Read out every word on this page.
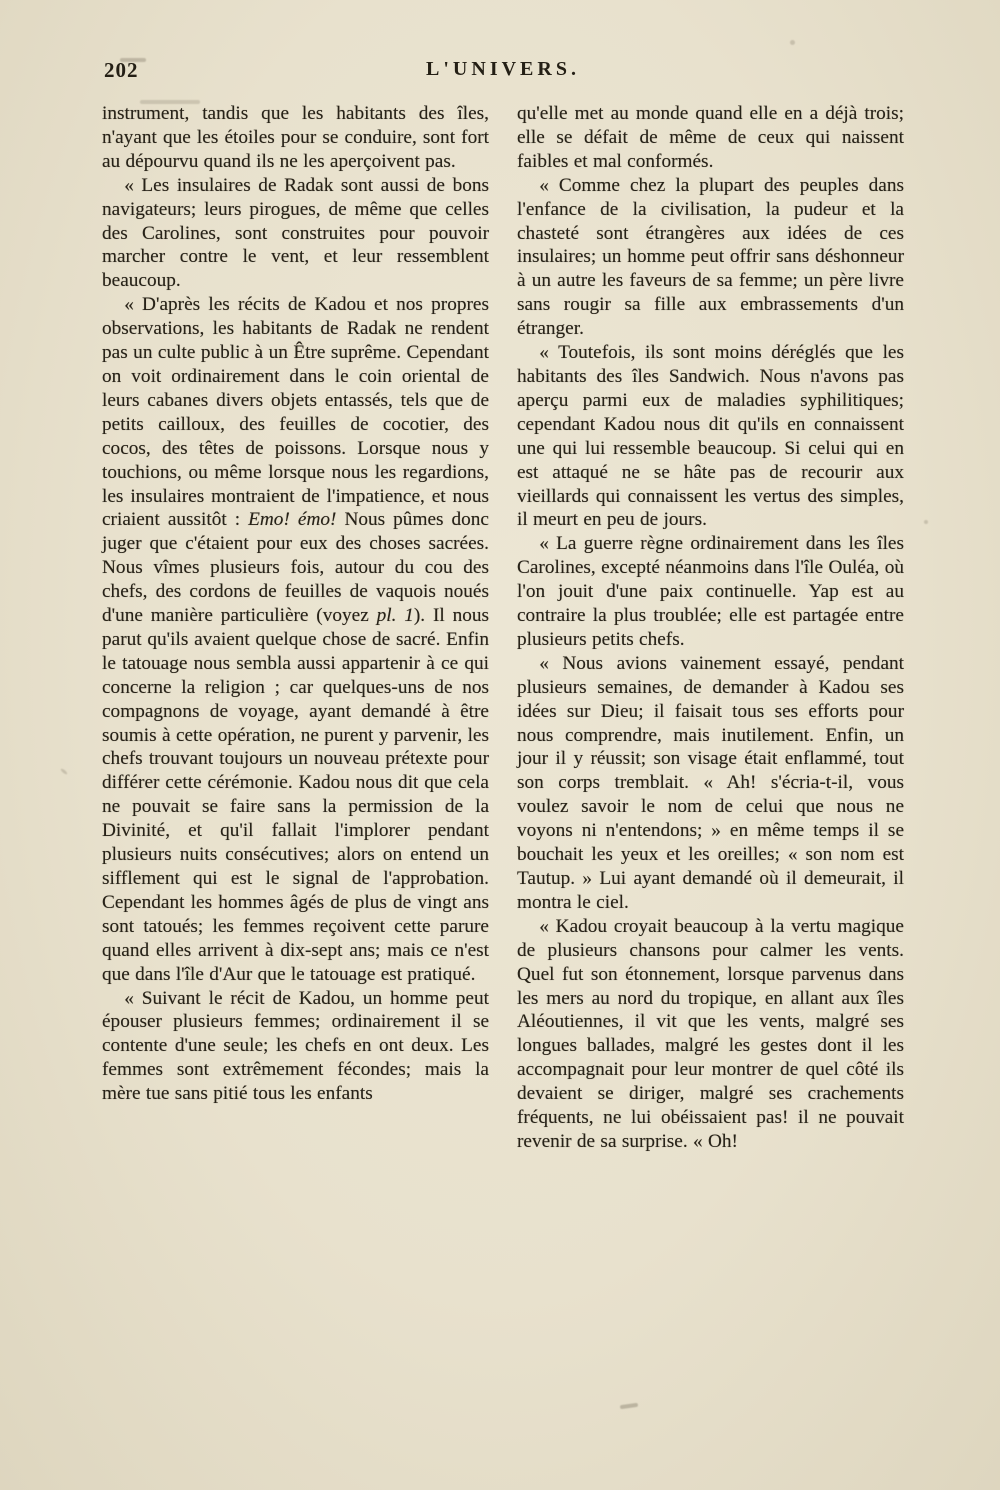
202	L'UNIVERS.

instrument, tandis que les habitants des îles, n'ayant que les étoiles pour se conduire, sont fort au dépourvu quand ils ne les aperçoivent pas.

« Les insulaires de Radak sont aussi de bons navigateurs; leurs pirogues, de même que celles des Carolines, sont construites pour pouvoir marcher contre le vent, et leur ressemblent beaucoup.

« D'après les récits de Kadou et nos propres observations, les habitants de Radak ne rendent pas un culte public à un Être suprême. Cependant on voit ordinairement dans le coin oriental de leurs cabanes divers objets entassés, tels que de petits cailloux, des feuilles de cocotier, des cocos, des têtes de poissons. Lorsque nous y touchions, ou même lorsque nous les regardions, les insulaires montraient de l'impatience, et nous criaient aussitôt : Emo! émo! Nous pûmes donc juger que c'étaient pour eux des choses sacrées. Nous vîmes plusieurs fois, autour du cou des chefs, des cordons de feuilles de vaquois noués d'une manière particulière (voyez pl. 1). Il nous parut qu'ils avaient quelque chose de sacré. Enfin le tatouage nous sembla aussi appartenir à ce qui concerne la religion ; car quelques-uns de nos compagnons de voyage, ayant demandé à être soumis à cette opération, ne purent y parvenir, les chefs trouvant toujours un nouveau prétexte pour différer cette cérémonie. Kadou nous dit que cela ne pouvait se faire sans la permission de la Divinité, et qu'il fallait l'implorer pendant plusieurs nuits consécutives; alors on entend un sifflement qui est le signal de l'approbation. Cependant les hommes âgés de plus de vingt ans sont tatoués; les femmes reçoivent cette parure quand elles arrivent à dix-sept ans; mais ce n'est que dans l'île d'Aur que le tatouage est pratiqué.

« Suivant le récit de Kadou, un homme peut épouser plusieurs femmes; ordinairement il se contente d'une seule; les chefs en ont deux. Les femmes sont extrêmement fécondes; mais la mère tue sans pitié tous les enfants

qu'elle met au monde quand elle en a déjà trois; elle se défait de même de ceux qui naissent faibles et mal conformés.

« Comme chez la plupart des peuples dans l'enfance de la civilisation, la pudeur et la chasteté sont étrangères aux idées de ces insulaires; un homme peut offrir sans déshonneur à un autre les faveurs de sa femme; un père livre sans rougir sa fille aux embrassements d'un étranger.

« Toutefois, ils sont moins déréglés que les habitants des îles Sandwich. Nous n'avons pas aperçu parmi eux de maladies syphilitiques; cependant Kadou nous dit qu'ils en connaissent une qui lui ressemble beaucoup. Si celui qui en est attaqué ne se hâte pas de recourir aux vieillards qui connaissent les vertus des simples, il meurt en peu de jours.

« La guerre règne ordinairement dans les îles Carolines, excepté néanmoins dans l'île Ouléa, où l'on jouit d'une paix continuelle. Yap est au contraire la plus troublée; elle est partagée entre plusieurs petits chefs.

« Nous avions vainement essayé, pendant plusieurs semaines, de demander à Kadou ses idées sur Dieu; il faisait tous ses efforts pour nous comprendre, mais inutilement. Enfin, un jour il y réussit; son visage était enflammé, tout son corps tremblait. « Ah! s'écria-t-il, vous voulez savoir le nom de celui que nous ne voyons ni n'entendons; » en même temps il se bouchait les yeux et les oreilles; « son nom est Tautup. » Lui ayant demandé où il demeurait, il montra le ciel.

« Kadou croyait beaucoup à la vertu magique de plusieurs chansons pour calmer les vents. Quel fut son étonnement, lorsque parvenus dans les mers au nord du tropique, en allant aux îles Aléoutiennes, il vit que les vents, malgré ses longues ballades, malgré les gestes dont il les accompagnait pour leur montrer de quel côté ils devaient se diriger, malgré ses crachements fréquents, ne lui obéissaient pas! il ne pouvait revenir de sa surprise. « Oh!
